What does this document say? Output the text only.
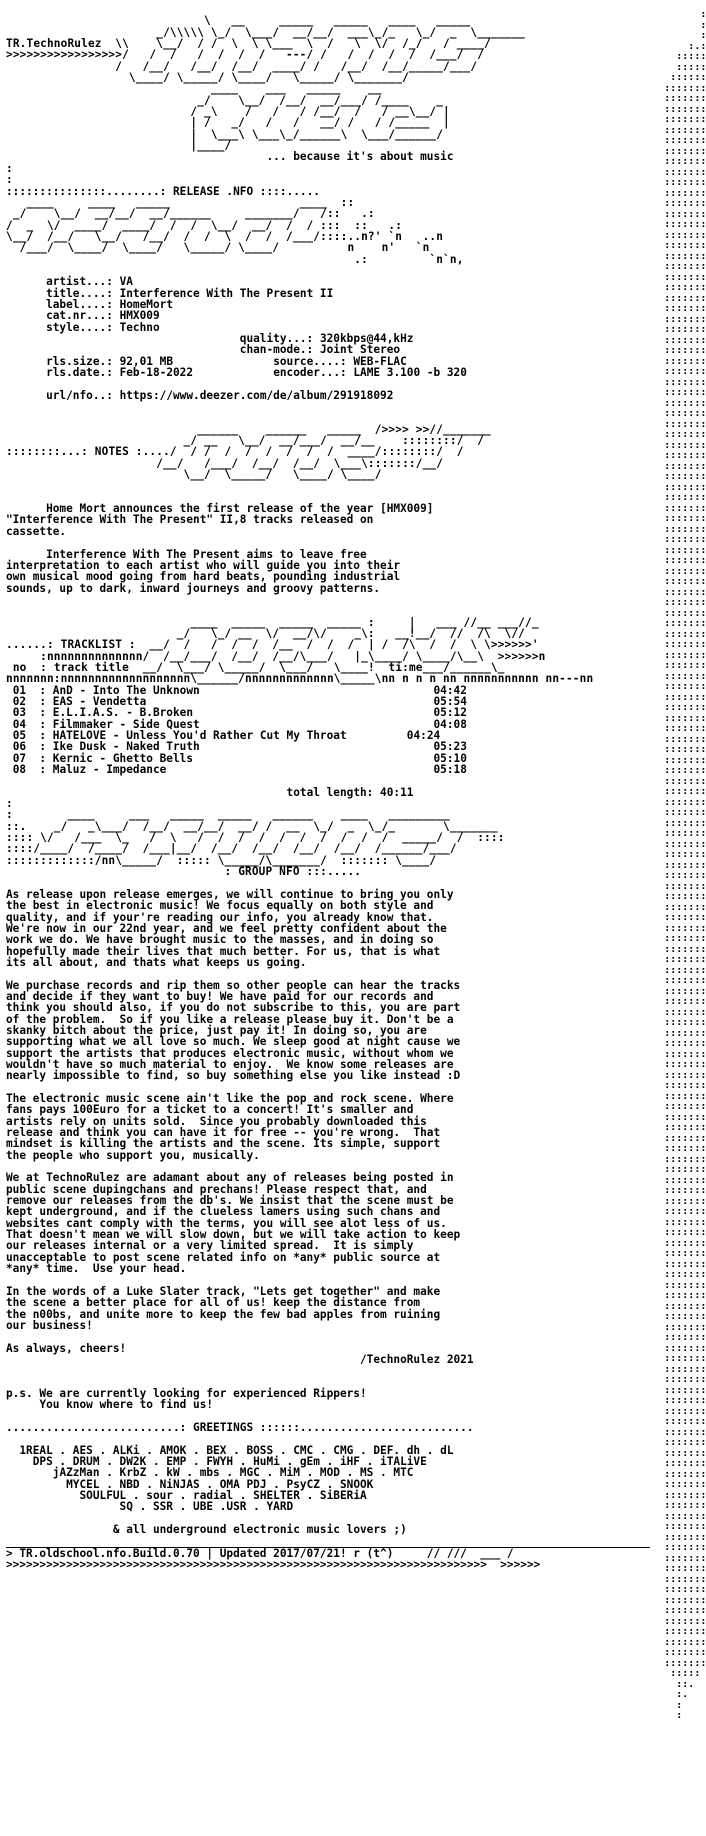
\   __     _____   _____   ____   _____
_/\\\\\ \_/  \___/  __/__/  ___\_/_   \_/  _  \_______
TR.TechnoRulez  \\    \__/  / /  \  \ \___  \  /   \  \/  /_/   / ____/
>>>>>>>>>>>>>>>>>/   /  /   /  /  /  /   ---/ /   /  /  /  /  /___/  /
/   /__/   /__/  /__/  ____/ /   /__/  /__/_____/___/
\____/ \_____/ \____/   \_____/ \_______/
____    ___   _____    __
_/    \__/  /__/  __/___/ /____    _
/ _\    /   /   / /__/  /   / __\__/ |
| /   _/   /   /   __/ /   / /_____  |
|  \___\ \___\_/______\  \___/______/
|____/

... because it's about music

:
:

:::::::::::::::........: RELEASE .NFO ::::.....

____     ____   _____                   ____  ::
_/    \__/  __/__/  __/______     _______/   /::   .:
/  _  \/  ____/  ____/  /  /  \__/  __/  /  / :::  ::   .:
\__/  /__/   \__/   /__/  /  /  \  /  /  /___/::::..n?' `n   ..n
/___/  \____/  \____/   \_____/ \____/          n    n'   `n
.:         `n`n,

artist...: VA
title....: Interference With The Present II
label....: HomeMort
cat.nr...: HMX009
style....: Techno
quality...: 320kbps@44,kHz
chan-mode.: Joint Stereo
rls.size.: 92,01 MB	source....: WEB-FLAC
rls.date.: Feb-18-2022	encoder...: LAME 3.100 -b 320

url/nfo..: https://www.deezer.com/de/album/291918092

______    ______   _____  />>>> >>//_______
_/ __   \__/  __/___/  __/__    ::::::::/  /
::::::::...: NOTES :..../  / /  /  /  /  /  /  /  ____/::::::::/  /
/__/   /___/  /__/  /__/  \___\:::::::/__/
\__/  \_____/   \____/ \____/

Home Mort announces the first release of the year [HMX009]
"Interference With The Present" II,8 tracks released on
cassette.

Interference With The Present aims to leave free
interpretation to each artist who will guide you into their
own musical mood going from hard beats, pounding industrial
sounds, up to dark, inward journeys and groovy patterns.

____  _____  _____  _____ :     |   ___ //__ ___//_
_/   \_/ __  \/  __/\/    _\:   __!__/  //  /\  \//
......: TRACKLIST :  __/  /   /  /  /  /__  /  /  /  | /  /\  /  /  \ \>>>>>>'
:nnnnnnnnnnnnnn/  /__/___/  /__/  /__/\___/   |_\____/ \____/\__\  >>>>>>n
no  : track title  __/  \___/ \_____/  \___/   \____!  ti:me___/______\_
nnnnnnn:nnnnnnnnnnnnnnnnnnn\______/nnnnnnnnnnnnn\_____\nn n n n nn nnnnnnnnnnn nn---nn

01  : AnD - Into The Unknown	04:42
02  : EAS - Vendetta	05:54
03  : E.L.I.A.S. - B.Broken	05:12
04  : Filmmaker - Side Quest	04:08
05  : HATELOVE - Unless You'd Rather Cut My Throat	04:24
06  : Ike Dusk - Naked Truth	05:23
07  : Kernic - Ghetto Bells	05:10
08  : Maluz - Impedance	05:18

total length: 40:11

:
:        ____     ___   _____  _____   ______    ____   _________
::.    _/   _\___/  /__/  __/__/  __/ /  __  \_/  _  \_/_       \_______
:::: \/   /___  \_   /  \   /  /  /  /  /  /  /  /  /  /  _____/  /  ::::
::::/____/  /____/  /___|__/  /__/  /__/  /__/  /__/  /______/___/
:::::::::::::/nn\_____/  ::::: \_____/\_______/  ::::::: \____/
: GROUP NFO :::.....

As release upon release emerges, we will continue to bring you only
the best in electronic music! We focus equally on both style and
quality, and if your're reading our info, you already know that.
We're now in our 22nd year, and we feel pretty confident about the
work we do. We have brought music to the masses, and in doing so
hopefully made their lives that much better. For us, that is what
its all about, and thats what keeps us going.

We purchase records and rip them so other people can hear the tracks
and decide if they want to buy! We have paid for our records and
think you should also, if you do not subscribe to this, you are part
of the problem.  So if you like a release please buy it. Don't be a
skanky bitch about the price, just pay it! In doing so, you are
supporting what we all love so much. We sleep good at night cause we
support the artists that produces electronic music, without whom we
wouldn't have so much material to enjoy.  We know some releases are
nearly impossible to find, so buy something else you like instead :D

The electronic music scene ain't like the pop and rock scene. Where
fans pays 100Euro for a ticket to a concert! It's smaller and
artists rely on units sold.  Since you probably downloaded this
release and think you can have it for free -- you're wrong.  That
mindset is killing the artists and the scene. Its simple, support
the people who support you, musically.

We at TechnoRulez are adamant about any of releases being posted in
public scene dupingchans and prechans! Please respect that, and
remove our releases from the db's. We insist that the scene must be
kept underground, and if the clueless lamers using such chans and
websites cant comply with the terms, you will see alot less of us.
That doesn't mean we will slow down, but we will take action to keep
our releases internal or a very limited spread.  It is simply
unacceptable to post scene related info on *any* public source at
*any* time.  Use your head.

In the words of a Luke Slater track, "Lets get together" and make
the scene a better place for all of us! keep the distance from
the n00bs, and unite more to keep the few bad apples from ruining
our business!

As always, cheers!
/TechnoRulez 2021

p.s. We are currently looking for experienced Rippers!
You know where to find us!

..........................: GREETINGS ::::::..........................

1REAL . AES . ALKi . AMOK . BEX . BOSS . CMC . CMG . DEF. dh . dL
DPS . DRUM . DW2K . EMP . FWYH . HuMi . gEm . iHF . iTALiVE
jAZzMan . KrbZ . kW . mbs . MGC . MiM . MOD . MS . MTC
MYCEL . NBD . NiNJAS . OMA PDJ . PsyCZ . SNOOK
SOULFUL . sour . radial . SHELTER . SiBERiA
SQ . SSR . UBE .USR . YARD

& all underground electronic music lovers ;)

> TR.oldschool.nfo.Build.0.70 | Updated 2017/07/21! r (t^)	// ///  ___ /
>>>>>>>>>>>>>>>>>>>>>>>>>>>>>>>>>>>>>>>>>>>>>>>>>>>>>>>>>>>>>>>>>>>>>>>>  >>>>>>

:
:
:
:.:
:::::
:::::
::::::
:::::::
:::::::
:::::::
:::::::
:::::::
:::::::
:::::::
:::::::
:::::::
:::::::
:::::::
:::::::
:::::::
:::::::
:::::::
:::::::
:::::::
:::::::
:::::::
:::::::
:::::::
:::::::
:::::::
:::::::
:::::::
:::::::
:::::::
:::::::
:::::::
:::::::
:::::::
:::::::
:::::::
:::::::
:::::::
:::::::
:::::::
:::::::
:::::::
:::::::
:::::::
:::::::
:::::::
:::::::
:::::::
:::::::
:::::::
:::::::
:::::::
:::::::
:::::::
:::::::
:::::::
:::::::
:::::::
:::::::
:::::::
:::::::
:::::::
:::::::
:::::::
:::::::
:::::::
:::::::
:::::::
:::::::
:::::::
:::::::
:::::::
:::::::
:::::::
:::::::
:::::::
:::::::
:::::::
:::::::
:::::::
:::::::
:::::::
:::::::
:::::::
:::::::
:::::::
:::::::
:::::::
:::::::
:::::::
:::::::
:::::::
:::::::
:::::::
:::::::
:::::::
:::::::
:::::::
:::::::
:::::::
:::::::
:::::::
:::::::
:::::::
:::::::
:::::::
:::::::
:::::::
:::::::
:::::::
:::::::
:::::::
:::::::
:::::::
:::::::
:::::::
:::::::
:::::::
:::::::
:::::::
:::::::
:::::::
:::::::
:::::::
:::::::
:::::::
:::::::
:::::::
:::::::
:::::::
:::::::
:::::::
:::::::
:::::::
:::::::
:::::::
:::::::
:::::::
:::::::
:::::::
:::::::
:::::::
:::::::
:::::::
:::::::
:::::::
:::::::
:::::::
:::::::
:::::::
:::::::
:::::::
:::::::
:::::::
:::::
::.
:.
:
:
